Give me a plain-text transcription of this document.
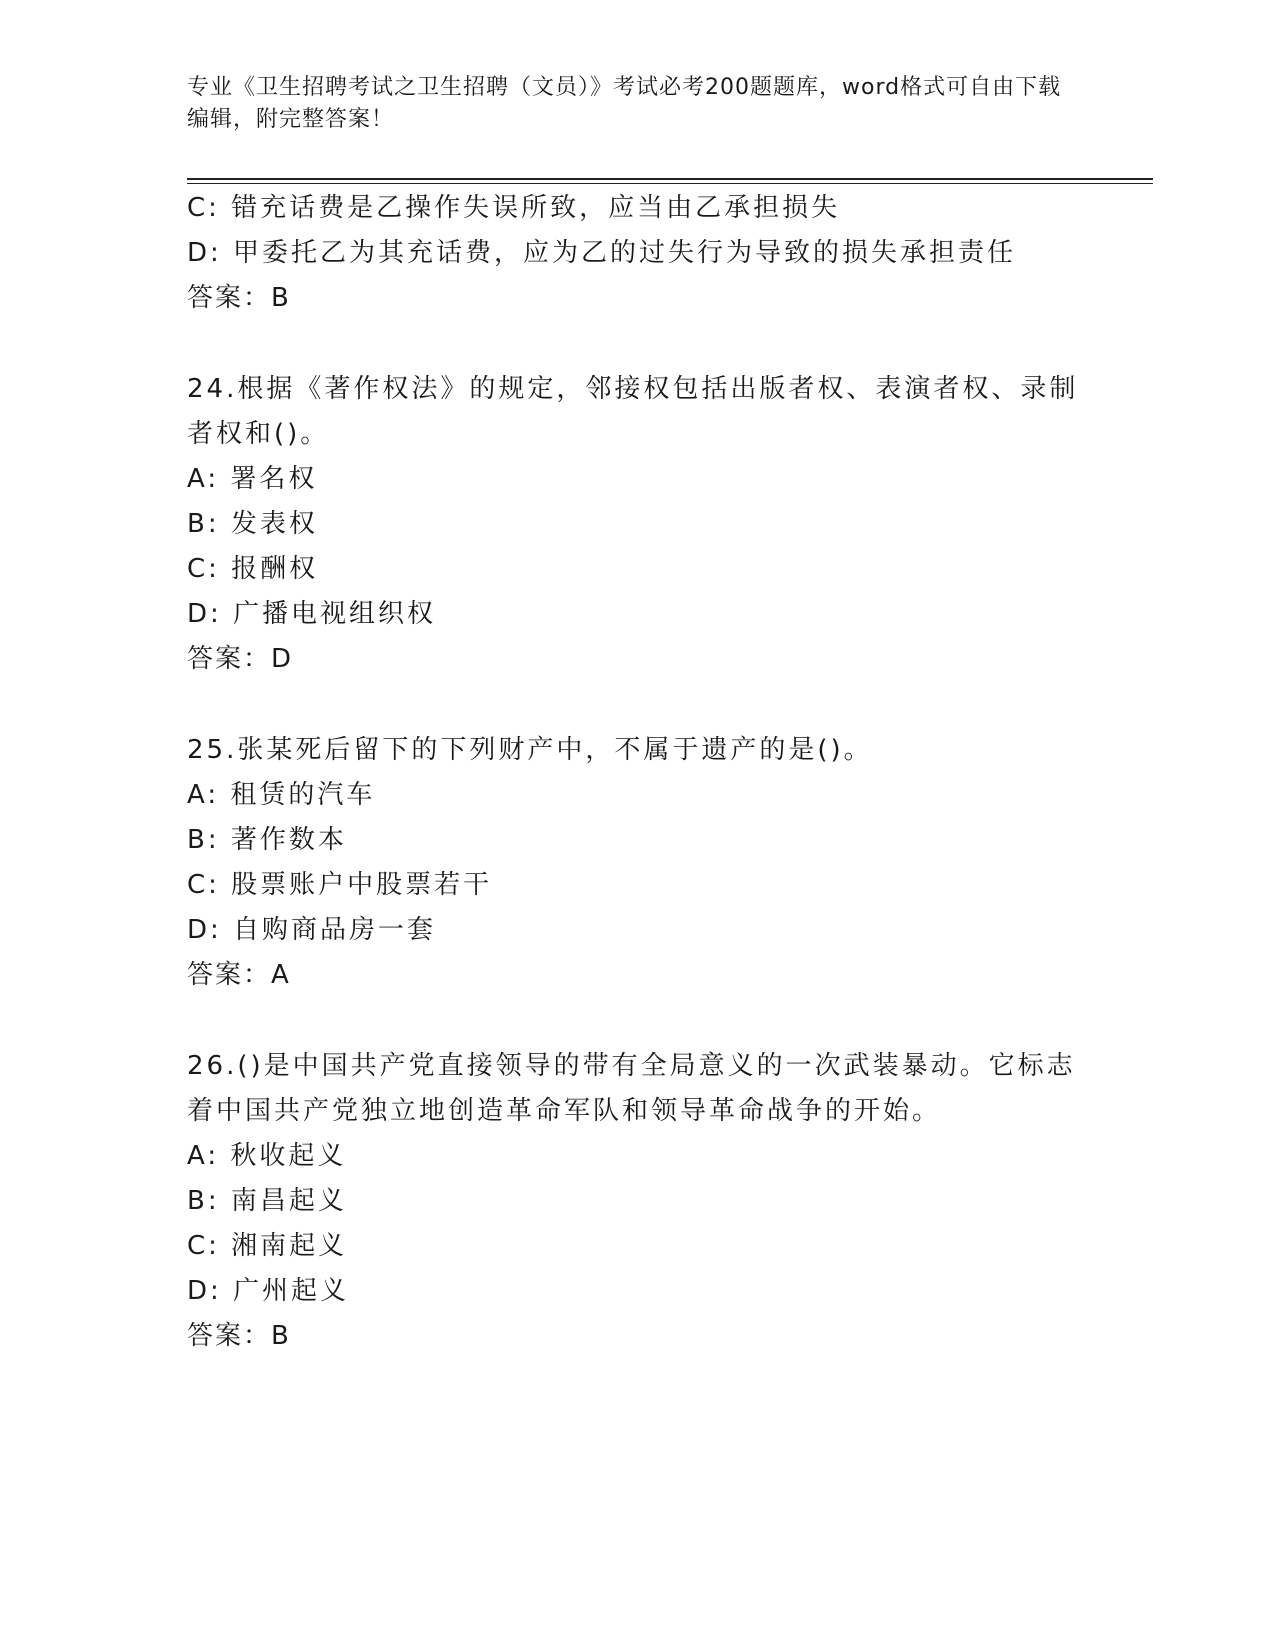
专业《卫生招聘考试之卫生招聘（文员）》考试必考200题题库，word格式可自由下载编辑，附完整答案！
C: 错充话费是乙操作失误所致，应当由乙承担损失
D: 甲委托乙为其充话费，应为乙的过失行为导致的损失承担责任
答案：B
24.根据《著作权法》的规定，邻接权包括出版者权、表演者权、录制者权和()。
A: 署名权
B: 发表权
C: 报酬权
D: 广播电视组织权
答案：D
25.张某死后留下的下列财产中，不属于遗产的是()。
A: 租赁的汽车
B: 著作数本
C: 股票账户中股票若干
D: 自购商品房一套
答案：A
26.()是中国共产党直接领导的带有全局意义的一次武装暴动。它标志着中国共产党独立地创造革命军队和领导革命战争的开始。
A: 秋收起义
B: 南昌起义
C: 湘南起义
D: 广州起义
答案：B
